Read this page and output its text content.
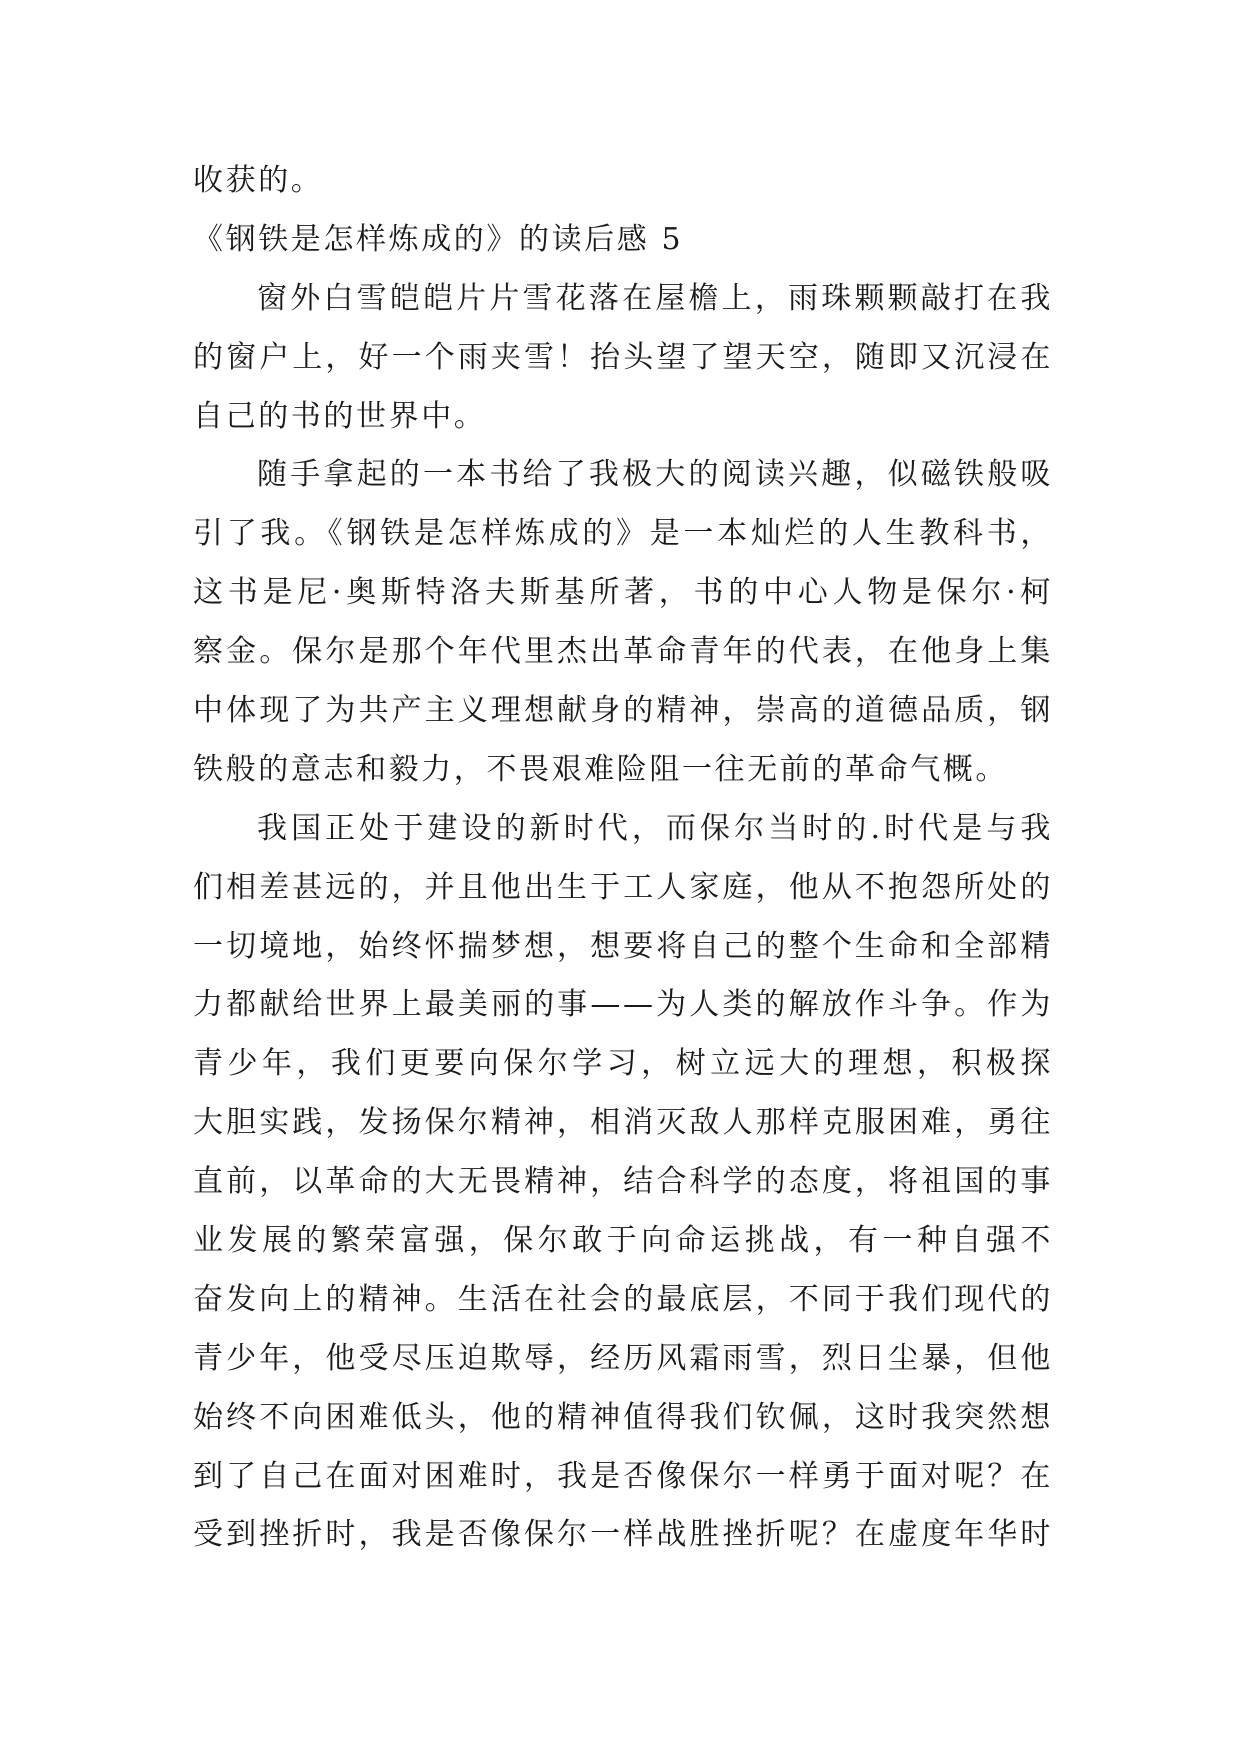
收获的。
《钢铁是怎样炼成的》的读后感 5
窗外白雪皑皑片片雪花落在屋檐上，雨珠颗颗敲打在我
的窗户上，好一个雨夹雪！抬头望了望天空，随即又沉浸在
自己的书的世界中。
随手拿起的一本书给了我极大的阅读兴趣，似磁铁般吸
引了我。《钢铁是怎样炼成的》是一本灿烂的人生教科书，
这书是尼·奥斯特洛夫斯基所著，书的中心人物是保尔·柯
察金。保尔是那个年代里杰出革命青年的代表，在他身上集
中体现了为共产主义理想献身的精神，崇高的道德品质，钢
铁般的意志和毅力，不畏艰难险阻一往无前的革命气概。
我国正处于建设的新时代，而保尔当时的.时代是与我
们相差甚远的，并且他出生于工人家庭，他从不抱怨所处的
一切境地，始终怀揣梦想，想要将自己的整个生命和全部精
力都献给世界上最美丽的事——为人类的解放作斗争。作为
青少年，我们更要向保尔学习，树立远大的理想，积极探
大胆实践，发扬保尔精神，相消灭敌人那样克服困难，勇往
直前，以革命的大无畏精神，结合科学的态度，将祖国的事
业发展的繁荣富强，保尔敢于向命运挑战，有一种自强不
奋发向上的精神。生活在社会的最底层，不同于我们现代的
青少年，他受尽压迫欺辱，经历风霜雨雪，烈日尘暴，但他
始终不向困难低头，他的精神值得我们钦佩，这时我突然想
到了自己在面对困难时，我是否像保尔一样勇于面对呢？在
受到挫折时，我是否像保尔一样战胜挫折呢？在虚度年华时
